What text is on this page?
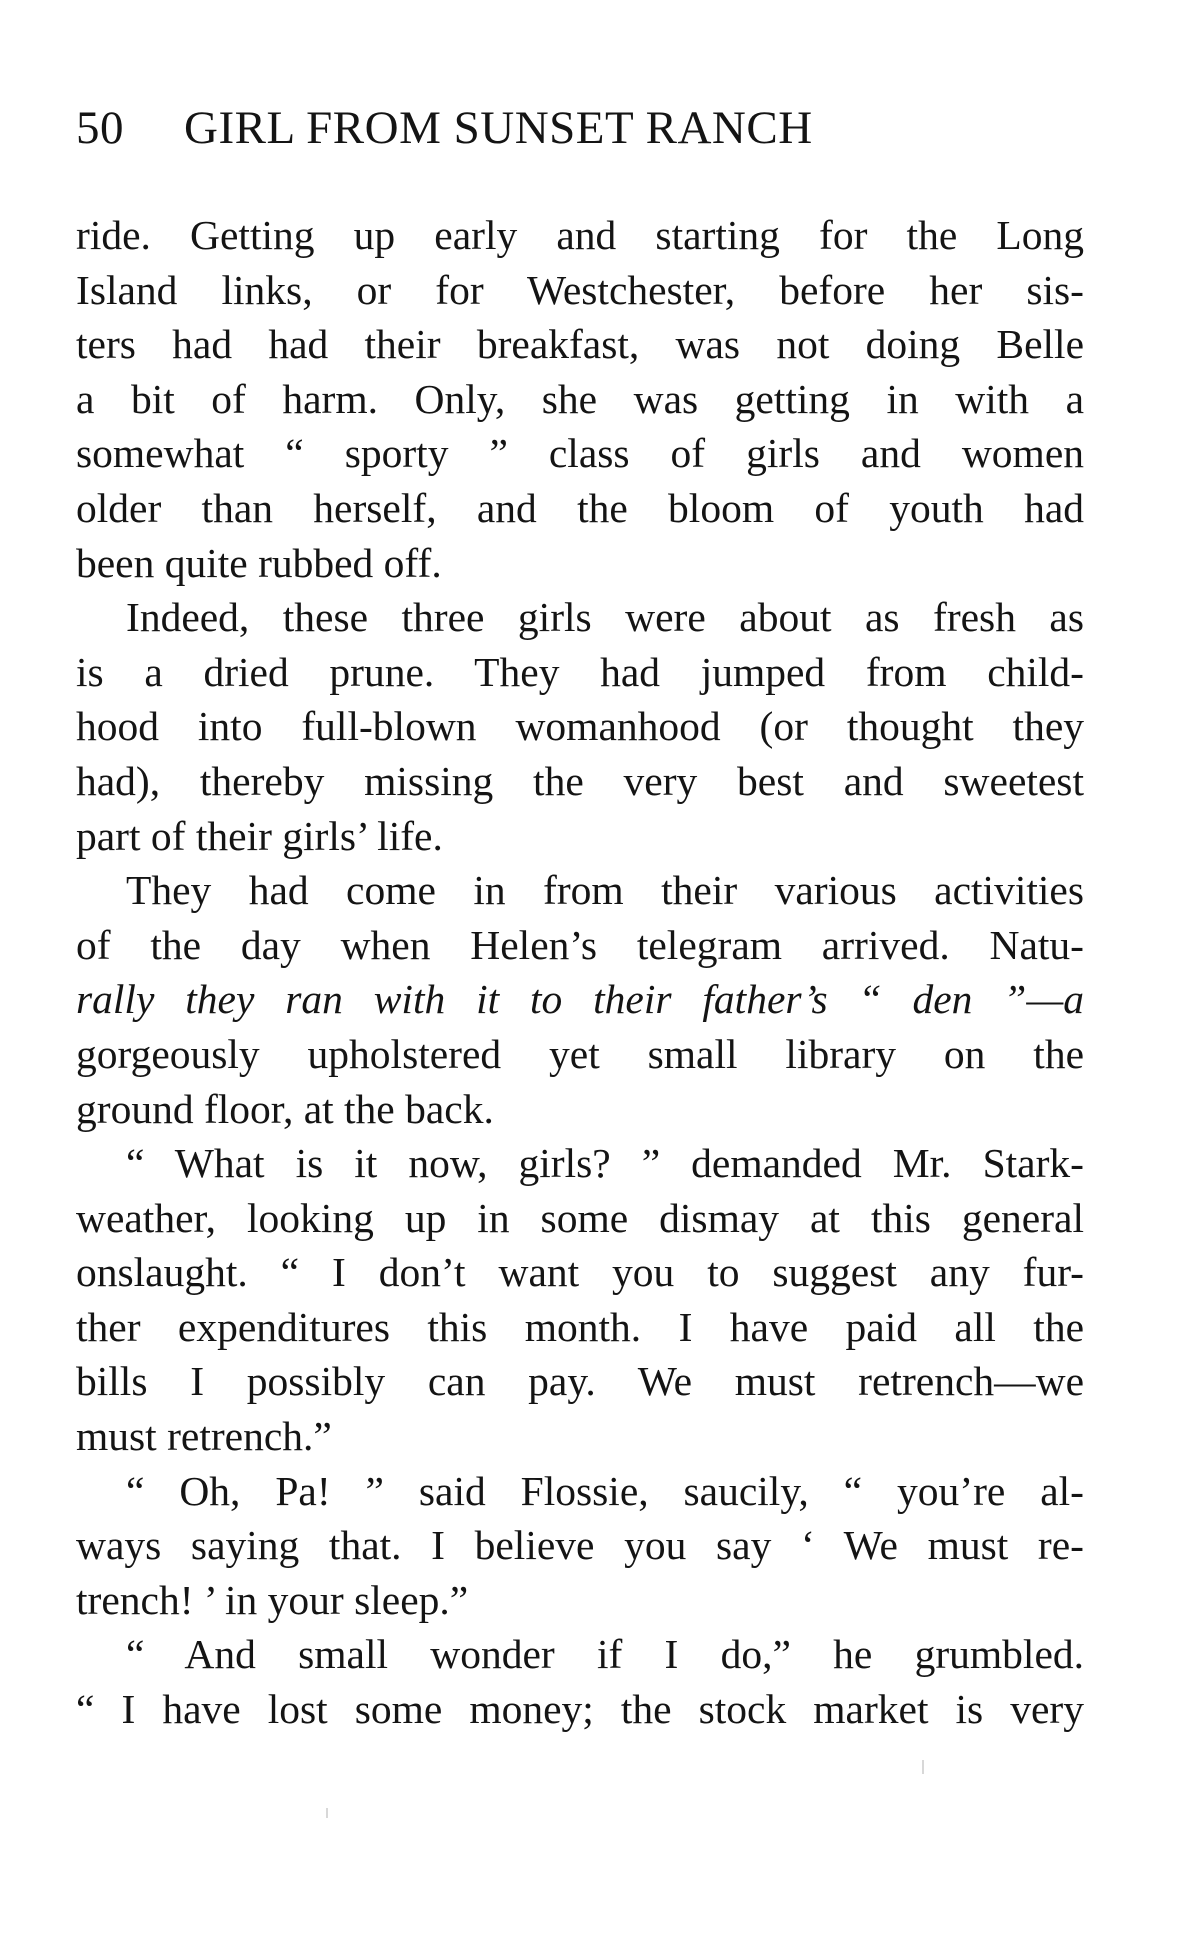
50 GIRL FROM SUNSET RANCH
ride. Getting up early and starting for the Long
Island links, or for Westchester, before her sis-
ters had had their breakfast, was not doing Belle
a bit of harm. Only, she was getting in with a
somewhat “ sporty ” class of girls and women
older than herself, and the bloom of youth had
been quite rubbed off.
Indeed, these three girls were about as fresh as
is a dried prune. They had jumped from child-
hood into full-blown womanhood (or thought they
had), thereby missing the very best and sweetest
part of their girls’ life.
They had come in from their various activities
of the day when Helen’s telegram arrived. Natu-
rally they ran with it to their father’s “ den ”—a
gorgeously upholstered yet small library on the
ground floor, at the back.
“ What is it now, girls? ” demanded Mr. Stark-
weather, looking up in some dismay at this general
onslaught. “ I don’t want you to suggest any fur-
ther expenditures this month. I have paid all the
bills I possibly can pay. We must retrench—we
must retrench.”
“ Oh, Pa! ” said Flossie, saucily, “ you’re al-
ways saying that. I believe you say ‘ We must re-
trench! ’ in your sleep.”
“ And small wonder if I do,” he grumbled.
“ I have lost some money; the stock market is very
